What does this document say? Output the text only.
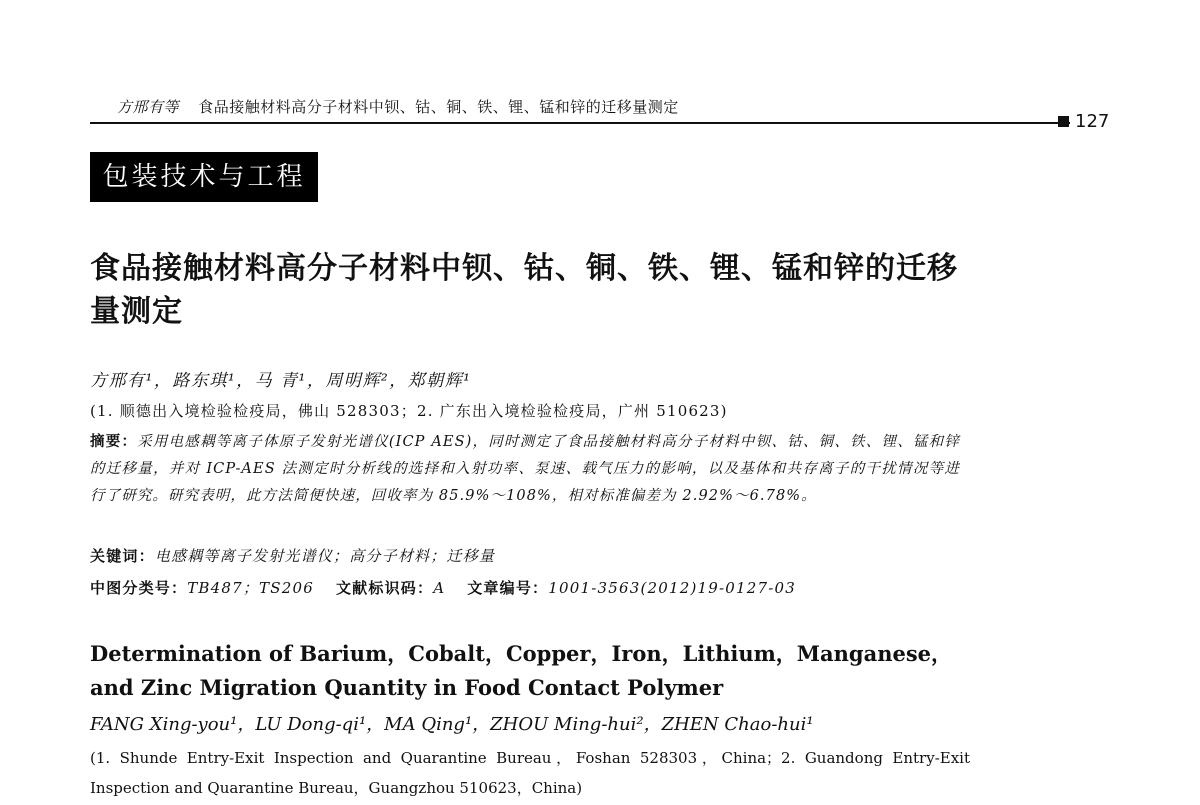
方邢有等 食品接触材料高分子材料中钡、钴、铜、铁、锂、锰和锌的迁移量测定
127
包装技术与工程
食品接触材料高分子材料中钡、钴、铜、铁、锂、锰和锌的迁移量测定
方邢有¹，路东琪¹，马 青¹，周明辉²，郑朝辉¹
(1. 顺德出入境检验检疫局，佛山 528303；2. 广东出入境检验检疫局，广州 510623)
摘要：采用电感耦等离子体原子发射光谱仪(ICP AES)，同时测定了食品接触材料高分子材料中钡、钴、铜、铁、锂、锰和锌的迁移量，并对 ICP-AES 法测定时分析线的选择和入射功率、泵速、载气压力的影响，以及基体和共存离子的干扰情况等进行了研究。研究表明，此方法简便快速，回收率为 85.9%～108%，相对标准偏差为 2.92%～6.78%。
关键词：电感耦等离子发射光谱仪；高分子材料；迁移量
中图分类号：TB487；TS206 文献标识码：A 文章编号：1001-3563(2012)19-0127-03
Determination of Barium，Cobalt，Copper，Iron，Lithium，Manganese，and Zinc Migration Quantity in Food Contact Polymer
FANG Xing-you¹，LU Dong-qi¹，MA Qing¹，ZHOU Ming-hui²，ZHEN Chao-hui¹
(1. Shunde Entry-Exit Inspection and Quarantine Bureau，Foshan 528303，China；2. Guandong Entry-Exit Inspection and Quarantine Bureau，Guangzhou 510623，China)
